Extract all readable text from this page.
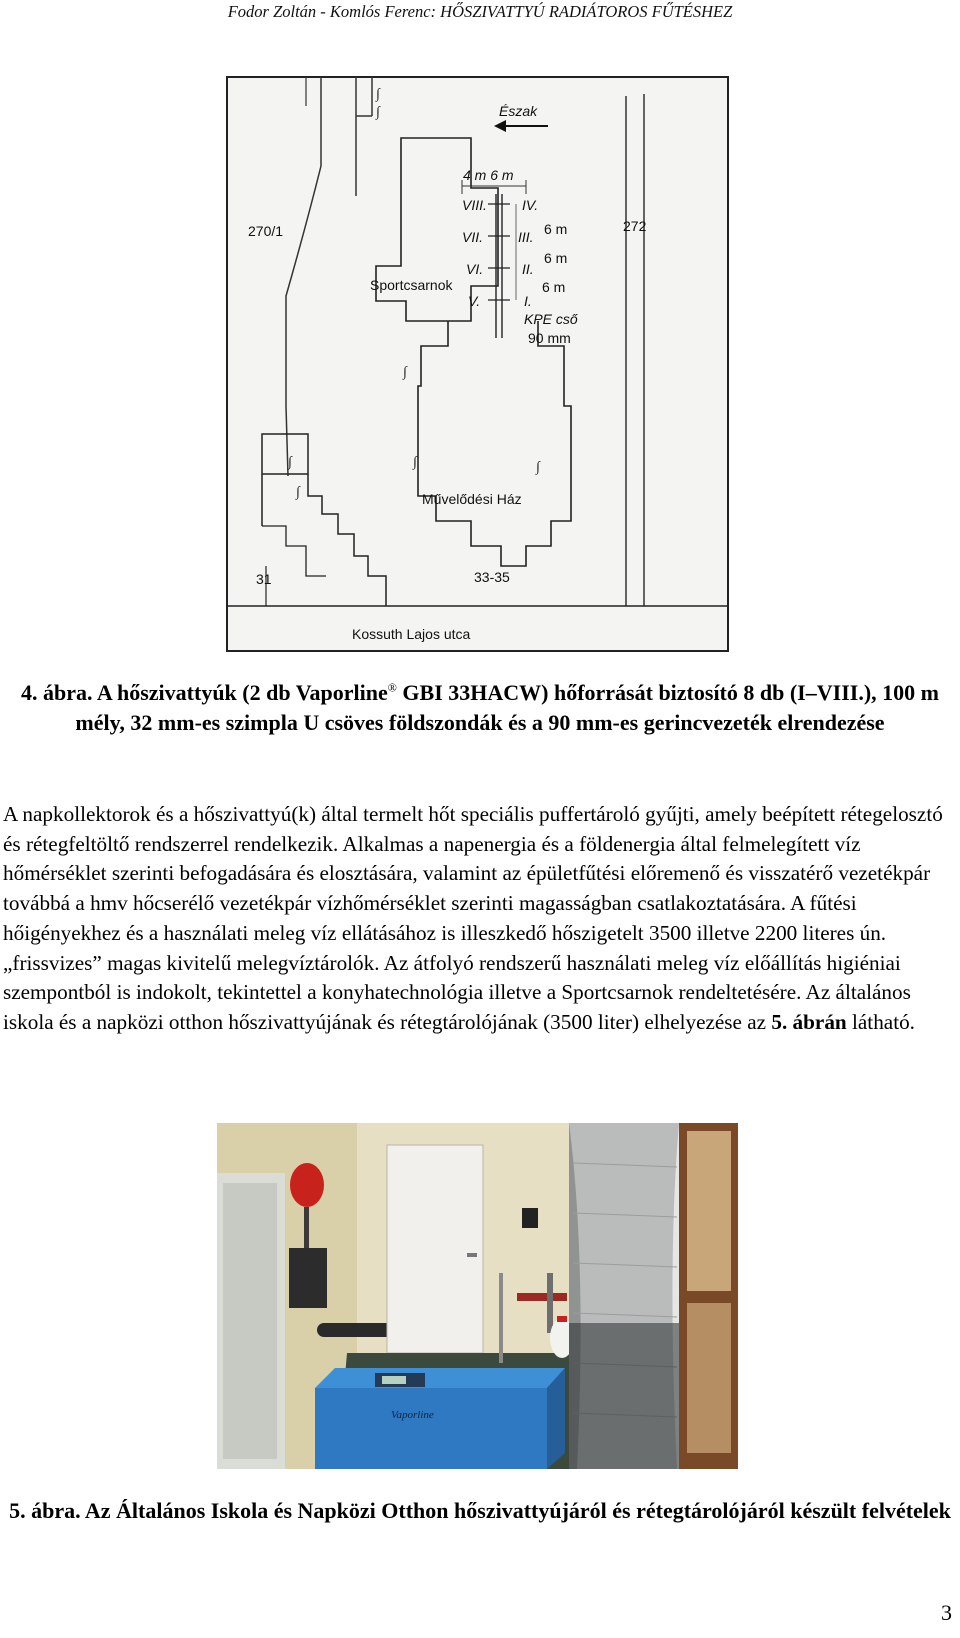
Fodor Zoltán - Komlós Ferenc: HŐSZIVATTYÚ RADIÁTOROS FŰTÉSHEZ
∫
∫
∫
∫
∫
∫
∫
Észak
4 m 6 m
270/1	272
Sportcsarnok
VIII.
VII.
VI.
V.
IV.
III.
II.
I.
6 m
6 m
6 m
KPE cső
90 mm
Művelődési Ház
31	33-35
Kossuth Lajos utca
4. ábra. A hőszivattyúk (2 db Vaporline® GBI 33HACW) hőforrását biztosító 8 db (I–VIII.), 100 m mély, 32 mm-es szimpla U csöves földszondák és a 90 mm-es gerincvezeték elrendezése
A napkollektorok és a hőszivattyú(k) által termelt hőt speciális puffertároló gyűjti, amely beépített rétegelosztó és rétegfeltöltő rendszerrel rendelkezik. Alkalmas a napenergia és a földenergia által felmelegített víz hőmérséklet szerinti befogadására és elosztására, valamint az épületfűtési előremenő és visszatérő vezetékpár továbbá a hmv hőcserélő vezetékpár vízhőmérséklet szerinti magasságban csatlakoztatására. A fűtési hőigényekhez és a használati meleg víz ellátásához is illeszkedő hőszigetelt 3500 illetve 2200 literes ún. „frissvizes” magas kivitelű melegvíztárolók. Az átfolyó rendszerű használati meleg víz előállítás higiéniai szempontból is indokolt, tekintettel a konyhatechnológia illetve a Sportcsarnok rendeltetésére. Az általános iskola és a napközi otthon hőszivattyújának és rétegtárolójának (3500 liter) elhelyezése az 5. ábrán látható.
Vaporline
5. ábra. Az Általános Iskola és Napközi Otthon hőszivattyújáról és rétegtárolójáról készült felvételek
3
